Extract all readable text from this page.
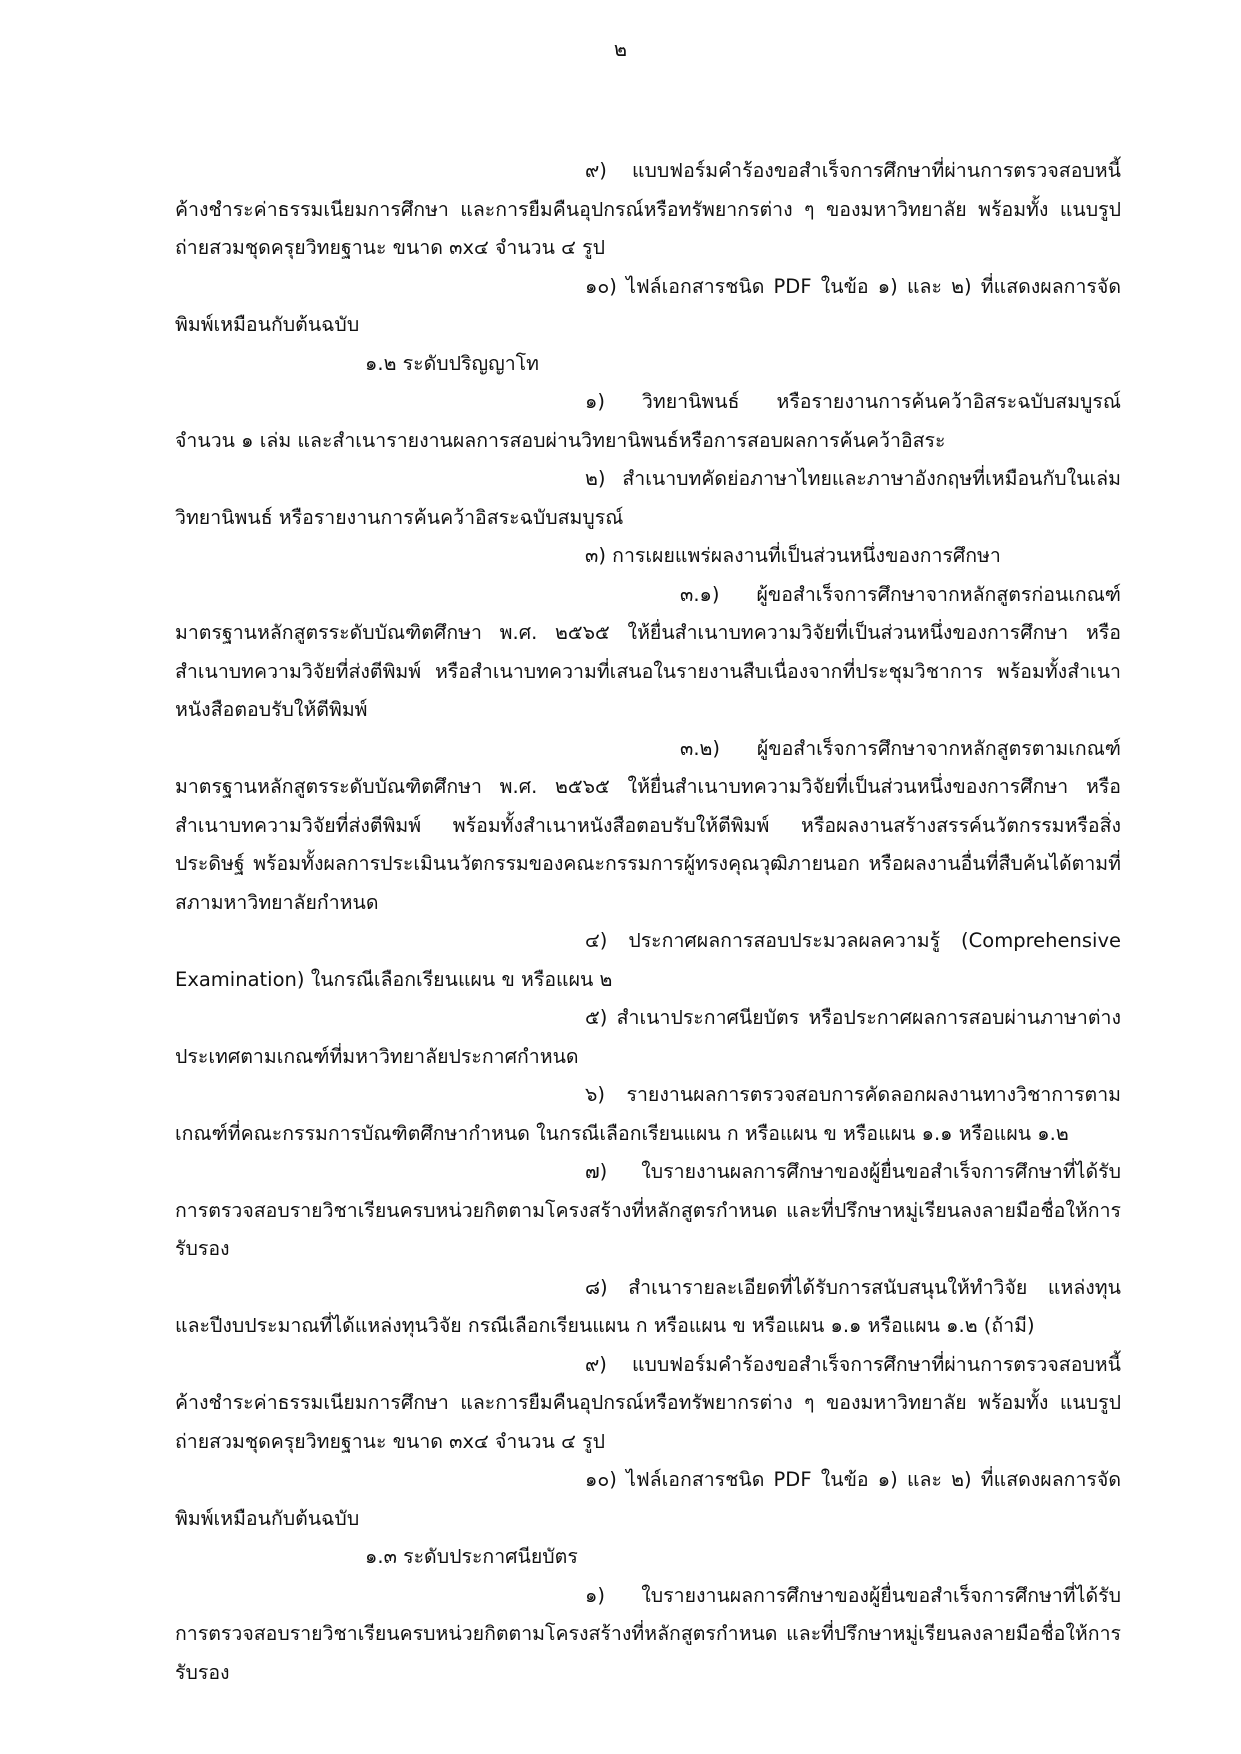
๒

๙) แบบฟอร์มคำร้องขอสำเร็จการศึกษาที่ผ่านการตรวจสอบหนี้ค้างชำระค่าธรรมเนียมการศึกษา และการยืมคืนอุปกรณ์หรือทรัพยากรต่าง ๆ ของมหาวิทยาลัย พร้อมทั้ง แนบรูปถ่ายสวมชุดครุยวิทยฐานะ ขนาด ๓x๔ จำนวน ๔ รูป

๑๐) ไฟล์เอกสารชนิด PDF ในข้อ ๑) และ ๒) ที่แสดงผลการจัดพิมพ์เหมือนกับต้นฉบับ

๑.๒ ระดับปริญญาโท

๑) วิทยานิพนธ์ หรือรายงานการค้นคว้าอิสระฉบับสมบูรณ์ จำนวน ๑ เล่ม และสำเนารายงานผลการสอบผ่านวิทยานิพนธ์หรือการสอบผลการค้นคว้าอิสระ

๒) สำเนาบทคัดย่อภาษาไทยและภาษาอังกฤษที่เหมือนกับในเล่มวิทยานิพนธ์ หรือรายงานการค้นคว้าอิสระฉบับสมบูรณ์

๓) การเผยแพร่ผลงานที่เป็นส่วนหนึ่งของการศึกษา

๓.๑) ผู้ขอสำเร็จการศึกษาจากหลักสูตรก่อนเกณฑ์มาตรฐานหลักสูตรระดับบัณฑิตศึกษา พ.ศ. ๒๕๖๕ ให้ยื่นสำเนาบทความวิจัยที่เป็นส่วนหนึ่งของการศึกษา หรือสำเนาบทความวิจัยที่ส่งตีพิมพ์ หรือสำเนาบทความที่เสนอในรายงานสืบเนื่องจากที่ประชุมวิชาการ พร้อมทั้งสำเนาหนังสือตอบรับให้ตีพิมพ์

๓.๒) ผู้ขอสำเร็จการศึกษาจากหลักสูตรตามเกณฑ์มาตรฐานหลักสูตรระดับบัณฑิตศึกษา พ.ศ. ๒๕๖๕ ให้ยื่นสำเนาบทความวิจัยที่เป็นส่วนหนึ่งของการศึกษา หรือสำเนาบทความวิจัยที่ส่งตีพิมพ์ พร้อมทั้งสำเนาหนังสือตอบรับให้ตีพิมพ์ หรือผลงานสร้างสรรค์นวัตกรรมหรือสิ่งประดิษฐ์ พร้อมทั้งผลการประเมินนวัตกรรมของคณะกรรมการผู้ทรงคุณวุฒิภายนอก หรือผลงานอื่นที่สืบค้นได้ตามที่สภามหาวิทยาลัยกำหนด

๔) ประกาศผลการสอบประมวลผลความรู้ (Comprehensive Examination) ในกรณีเลือกเรียนแผน ข หรือแผน ๒

๕) สำเนาประกาศนียบัตร หรือประกาศผลการสอบผ่านภาษาต่างประเทศตามเกณฑ์ที่มหาวิทยาลัยประกาศกำหนด

๖) รายงานผลการตรวจสอบการคัดลอกผลงานทางวิชาการตามเกณฑ์ที่คณะกรรมการบัณฑิตศึกษากำหนด ในกรณีเลือกเรียนแผน ก หรือแผน ข หรือแผน ๑.๑ หรือแผน ๑.๒

๗) ใบรายงานผลการศึกษาของผู้ยื่นขอสำเร็จการศึกษาที่ได้รับการตรวจสอบรายวิชาเรียนครบหน่วยกิตตามโครงสร้างที่หลักสูตรกำหนด และที่ปรึกษาหมู่เรียนลงลายมือชื่อให้การรับรอง

๘) สำเนารายละเอียดที่ได้รับการสนับสนุนให้ทำวิจัย แหล่งทุน และปีงบประมาณที่ได้แหล่งทุนวิจัย กรณีเลือกเรียนแผน ก หรือแผน ข หรือแผน ๑.๑ หรือแผน ๑.๒ (ถ้ามี)

๙) แบบฟอร์มคำร้องขอสำเร็จการศึกษาที่ผ่านการตรวจสอบหนี้ค้างชำระค่าธรรมเนียมการศึกษา และการยืมคืนอุปกรณ์หรือทรัพยากรต่าง ๆ ของมหาวิทยาลัย พร้อมทั้ง แนบรูปถ่ายสวมชุดครุยวิทยฐานะ ขนาด ๓x๔ จำนวน ๔ รูป

๑๐) ไฟล์เอกสารชนิด PDF ในข้อ ๑) และ ๒) ที่แสดงผลการจัดพิมพ์เหมือนกับต้นฉบับ

๑.๓ ระดับประกาศนียบัตร

๑) ใบรายงานผลการศึกษาของผู้ยื่นขอสำเร็จการศึกษาที่ได้รับการตรวจสอบรายวิชาเรียนครบหน่วยกิตตามโครงสร้างที่หลักสูตรกำหนด และที่ปรึกษาหมู่เรียนลงลายมือชื่อให้การรับรอง
